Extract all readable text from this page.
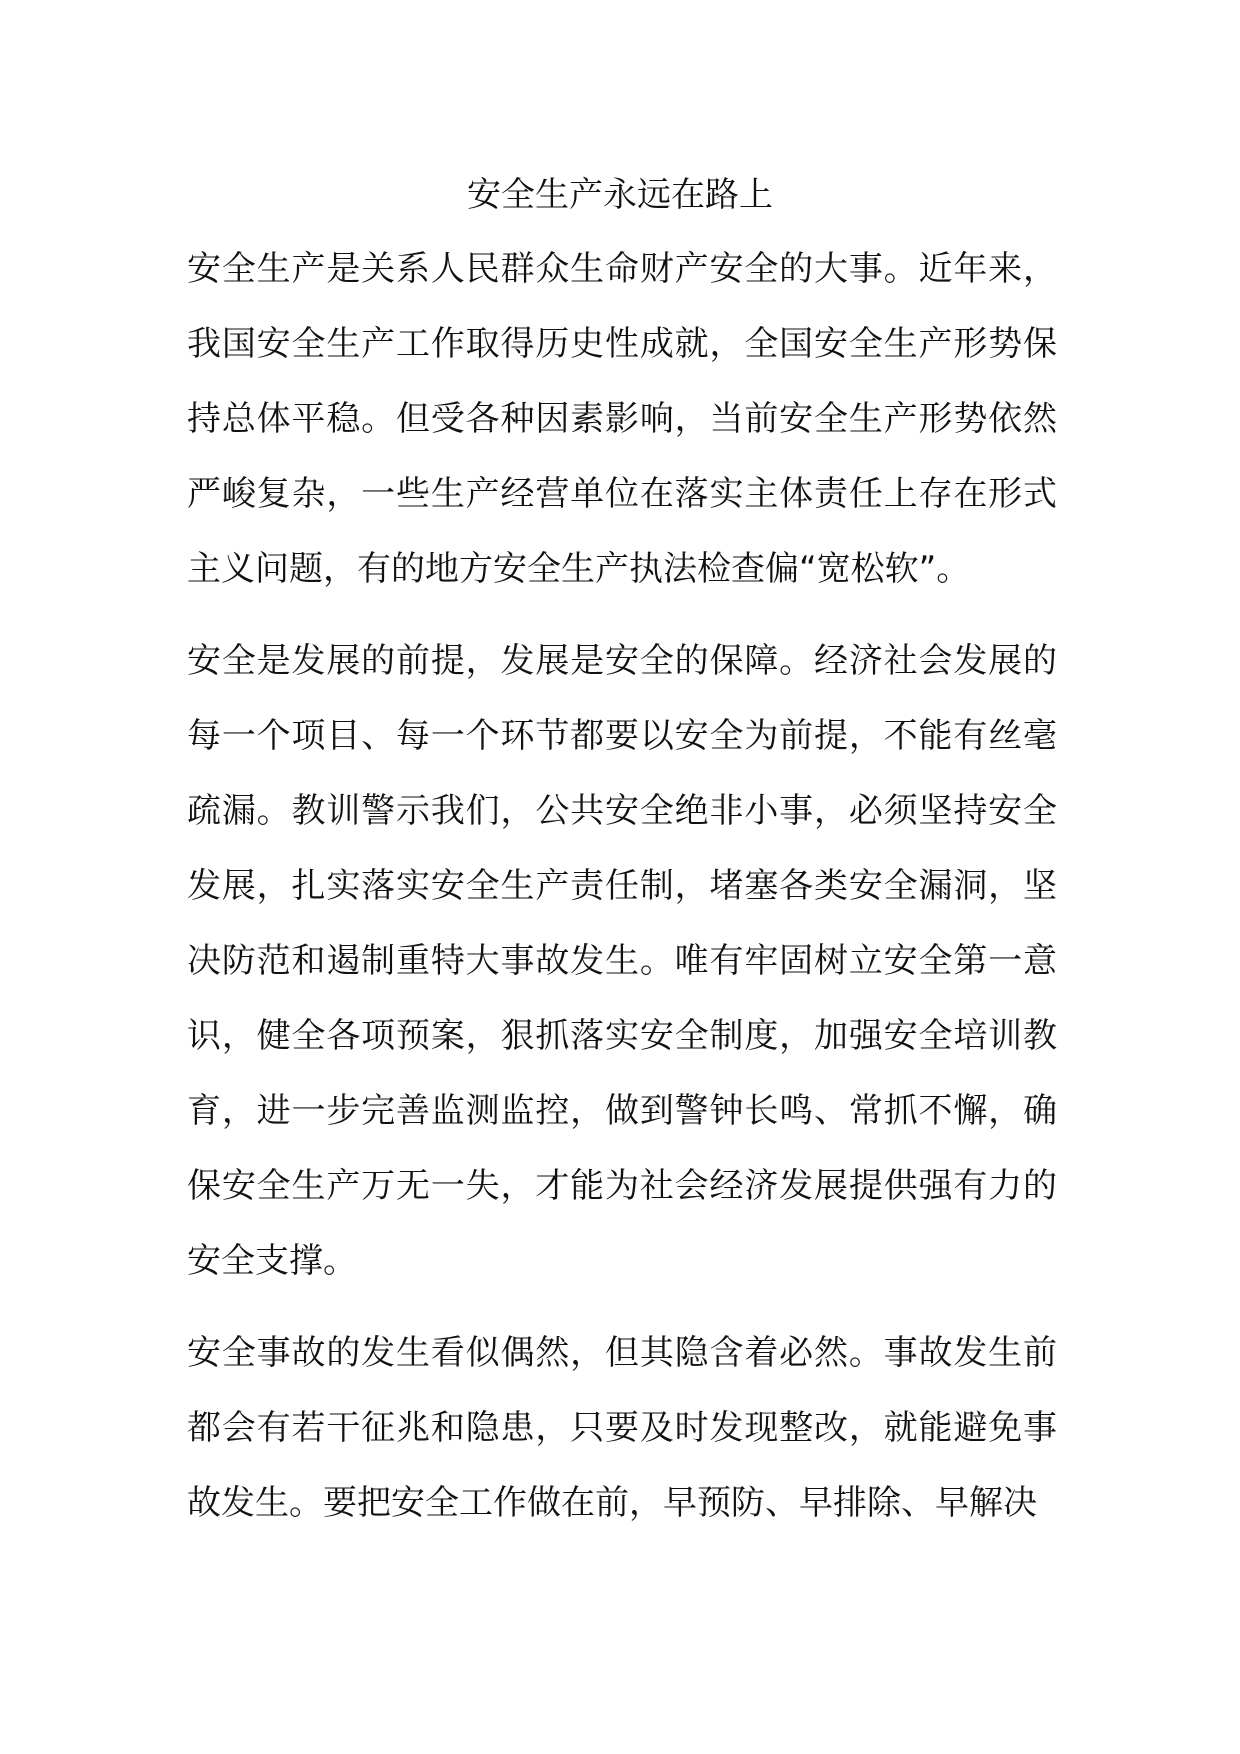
安全生产永远在路上

安全生产是关系人民群众生命财产安全的大事。近年来，我国安全生产工作取得历史性成就，全国安全生产形势保持总体平稳。但受各种因素影响，当前安全生产形势依然严峻复杂，一些生产经营单位在落实主体责任上存在形式主义问题，有的地方安全生产执法检查偏“宽松软”。

安全是发展的前提，发展是安全的保障。经济社会发展的每一个项目、每一个环节都要以安全为前提，不能有丝毫疏漏。教训警示我们，公共安全绝非小事，必须坚持安全发展，扎实落实安全生产责任制，堵塞各类安全漏洞，坚决防范和遏制重特大事故发生。唯有牢固树立安全第一意识，健全各项预案，狠抓落实安全制度，加强安全培训教育，进一步完善监测监控，做到警钟长鸣、常抓不懈，确保安全生产万无一失，才能为社会经济发展提供强有力的安全支撑。

安全事故的发生看似偶然，但其隐含着必然。事故发生前都会有若干征兆和隐患，只要及时发现整改，就能避免事故发生。要把安全工作做在前，早预防、早排除、早解决
